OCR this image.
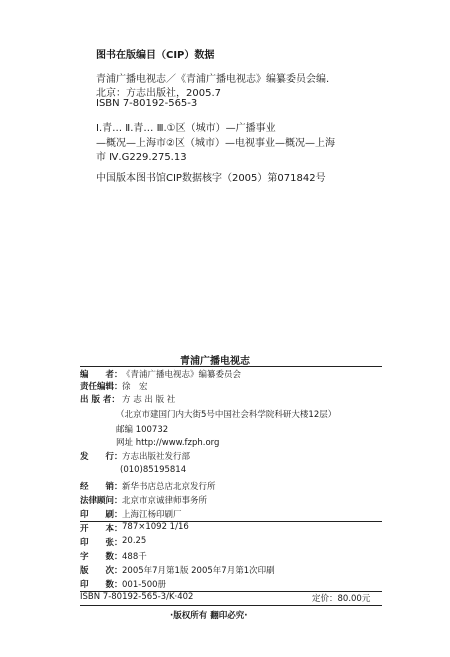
图书在版编目（CIP）数据
青浦广播电视志／《青浦广播电视志》编纂委员会编.
北京：方志出版社，2005.7
ISBN 7-80192-565-3
Ⅰ.青… Ⅱ.青… Ⅲ.①区（城市）—广播事业
—概况—上海市②区（城市）—电视事业—概况—上海
市 Ⅳ.G229.275.13
中国版本图书馆CIP数据核字（2005）第071842号
青浦广播电视志
编　　者： 《青浦广播电视志》编纂委员会
责任编辑： 徐　宏
出 版 者： 方 志 出 版 社
（北京市建国门内大街5号中国社会科学院科研大楼12层）
邮编 100732
网址 http://www.fzph.org
发　　行： 方志出版社发行部
(010)85195814
经　　销： 新华书店总店北京发行所
法律顾问： 北京市京诚律师事务所
印　　刷： 上海江杨印刷厂
开　　本： 787×1092 1/16
印　　张： 20.25
字　　数： 488千
版　　次： 2005年7月第1版 2005年7月第1次印刷
印　　数： 001-500册
ISBN 7-80192-565-3/K·402	定价：80.00元
·版权所有 翻印必究·
